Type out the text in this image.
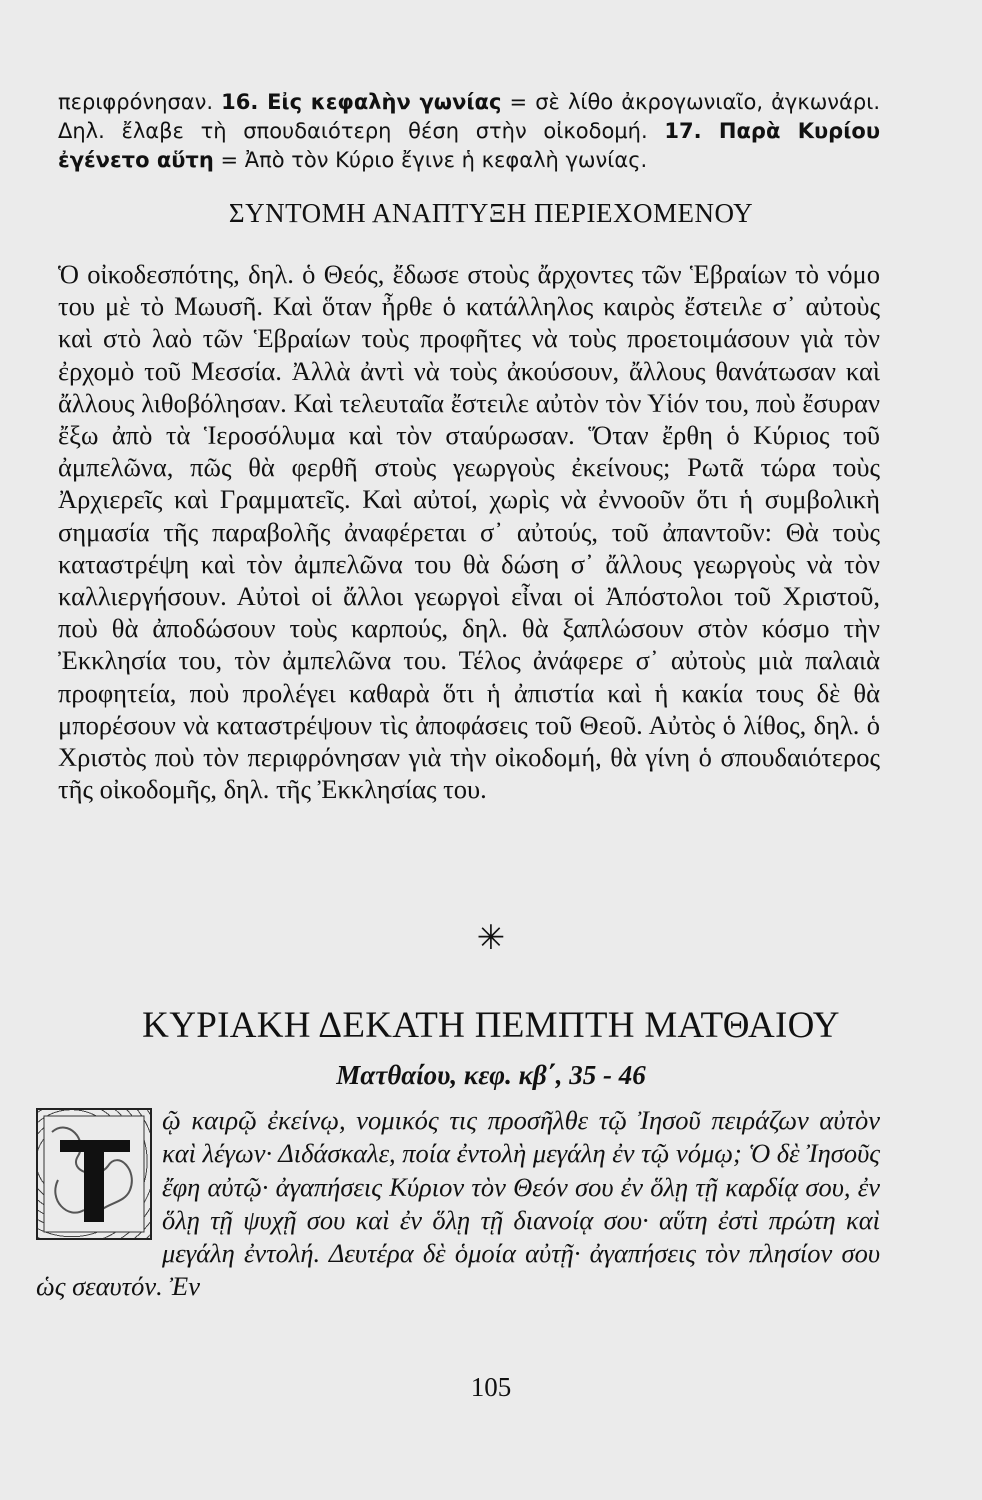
περιφρόνησαν. 16. Εἰς κεφαλὴν γωνίας = σὲ λίθο ἀκρογωνιαῖο, ἀγκωνάρι. Δηλ. ἔλαβε τὴ σπουδαιότερη θέση στὴν οἰκοδομή. 17. Παρὰ Κυρίου ἐγένετο αὕτη = Ἀπὸ τὸν Κύριο ἔγινε ἡ κεφαλὴ γωνίας.
ΣΥΝΤΟΜΗ ΑΝΑΠΤΥΞΗ ΠΕΡΙΕΧΟΜΕΝΟΥ
Ὁ οἰκοδεσπότης, δηλ. ὁ Θεός, ἔδωσε στοὺς ἄρχοντες τῶν Ἑβραίων τὸ νόμο του μὲ τὸ Μωυσῆ. Καὶ ὅταν ἦρθε ὁ κατάλληλος καιρὸς ἔστειλε σ᾽ αὐτοὺς καὶ στὸ λαὸ τῶν Ἑβραίων τοὺς προφῆτες νὰ τοὺς προετοιμάσουν γιὰ τὸν ἐρχομὸ τοῦ Μεσσία. Ἀλλὰ ἀντὶ νὰ τοὺς ἀκούσουν, ἄλλους θανάτωσαν καὶ ἄλλους λιθοβόλησαν. Καὶ τελευταῖα ἔστειλε αὐτὸν τὸν Υἱόν του, ποὺ ἔσυραν ἔξω ἀπὸ τὰ Ἱεροσόλυμα καὶ τὸν σταύρωσαν. Ὅταν ἔρθη ὁ Κύριος τοῦ ἀμπελῶνα, πῶς θὰ φερθῆ στοὺς γεωργοὺς ἐκείνους; Ρωτᾶ τώρα τοὺς Ἀρχιερεῖς καὶ Γραμματεῖς. Καὶ αὐτοί, χωρὶς νὰ ἐννοοῦν ὅτι ἡ συμβολικὴ σημασία τῆς παραβολῆς ἀναφέρεται σ᾽ αὐτούς, τοῦ ἀπαντοῦν: Θὰ τοὺς καταστρέψη καὶ τὸν ἀμπελῶνα του θὰ δώση σ᾽ ἄλλους γεωργοὺς νὰ τὸν καλλιεργήσουν. Αὐτοὶ οἱ ἄλλοι γεωργοὶ εἶναι οἱ Ἀπόστολοι τοῦ Χριστοῦ, ποὺ θὰ ἀποδώσουν τοὺς καρπούς, δηλ. θὰ ξαπλώσουν στὸν κόσμο τὴν Ἐκκλησία του, τὸν ἀμπελῶνα του. Τέλος ἀνάφερε σ᾽ αὐτοὺς μιὰ παλαιὰ προφητεία, ποὺ προλέγει καθαρὰ ὅτι ἡ ἀπιστία καὶ ἡ κακία τους δὲ θὰ μπορέσουν νὰ καταστρέψουν τὶς ἀποφάσεις τοῦ Θεοῦ. Αὐτὸς ὁ λίθος, δηλ. ὁ Χριστὸς ποὺ τὸν περιφρόνησαν γιὰ τὴν οἰκοδομή, θὰ γίνη ὁ σπουδαιότερος τῆς οἰκοδομῆς, δηλ. τῆς Ἐκκλησίας του.
✳
ΚΥΡΙΑΚΗ ΔΕΚΑΤΗ ΠΕΜΠΤΗ ΜΑΤΘΑΙΟΥ
Ματθαίου, κεφ. κβ΄, 35 - 46
ῷ καιρῷ ἐκείνῳ, νομικός τις προσῆλθε τῷ Ἰησοῦ πειράζων αὐτὸν καὶ λέγων· Διδάσκαλε, ποία ἐντολὴ μεγάλη ἐν τῷ νόμῳ; Ὁ δὲ Ἰησοῦς ἔφη αὐτῷ· ἀγαπήσεις Κύριον τὸν Θεόν σου ἐν ὅλῃ τῇ καρδίᾳ σου, ἐν ὅλῃ τῇ ψυχῇ σου καὶ ἐν ὅλῃ τῇ διανοίᾳ σου· αὕτη ἐστὶ πρώτη καὶ μεγάλη ἐντολή. Δευτέρα δὲ ὁμοία αὐτῇ· ἀγαπήσεις τὸν πλησίον σου ὡς σεαυτόν. Ἐν
105
